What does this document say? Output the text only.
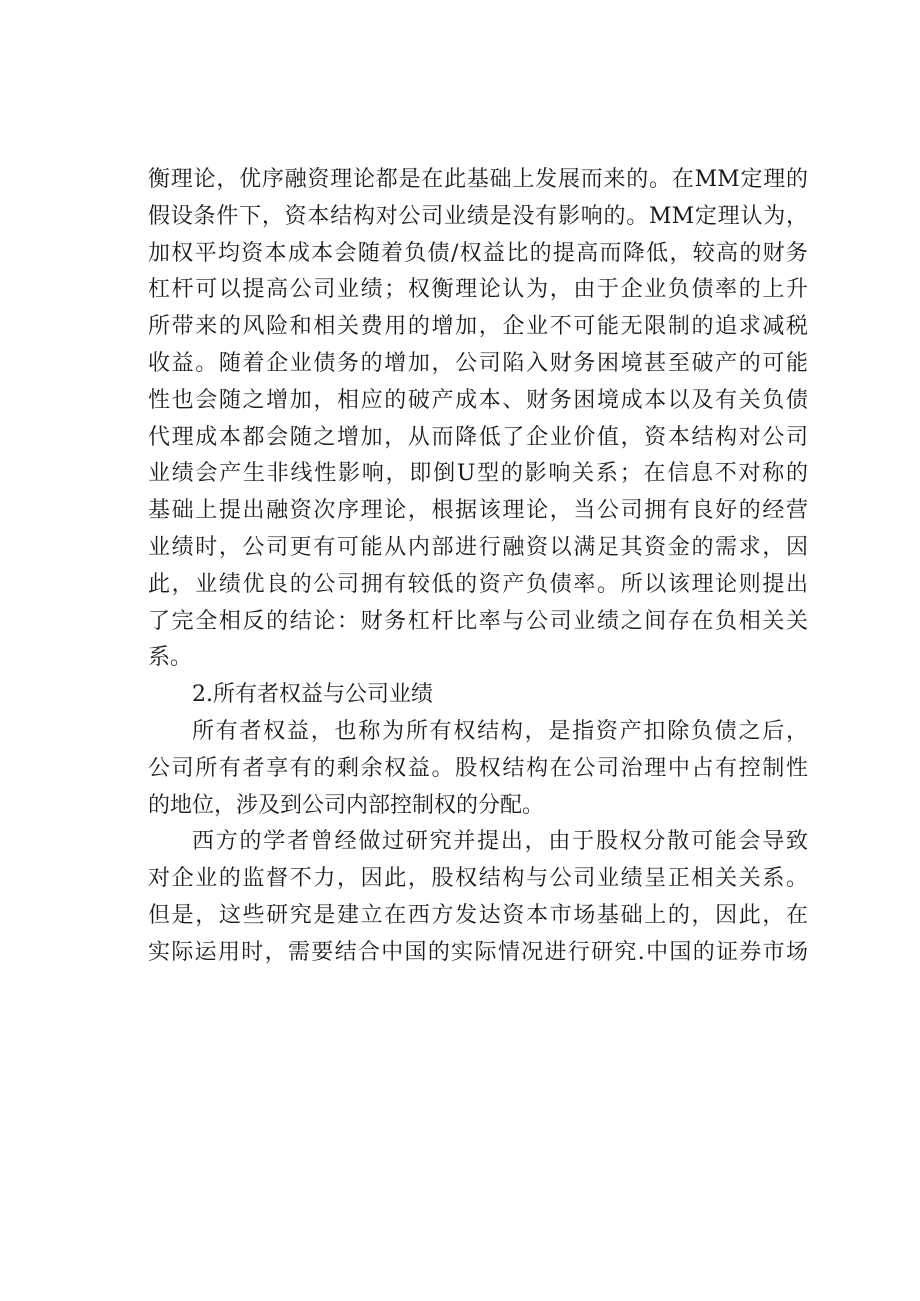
衡理论，优序融资理论都是在此基础上发展而来的。在MM定理的
假设条件下，资本结构对公司业绩是没有影响的。MM定理认为，
加权平均资本成本会随着负债/权益比的提高而降低，较高的财务
杠杆可以提高公司业绩；权衡理论认为，由于企业负债率的上升
所带来的风险和相关费用的增加，企业不可能无限制的追求减税
收益。随着企业债务的增加，公司陷入财务困境甚至破产的可能
性也会随之增加，相应的破产成本、财务困境成本以及有关负债
代理成本都会随之增加，从而降低了企业价值，资本结构对公司
业绩会产生非线性影响，即倒U型的影响关系；在信息不对称的
基础上提出融资次序理论，根据该理论，当公司拥有良好的经营
业绩时，公司更有可能从内部进行融资以满足其资金的需求，因
此，业绩优良的公司拥有较低的资产负债率。所以该理论则提出
了完全相反的结论：财务杠杆比率与公司业绩之间存在负相关关
系。
2.所有者权益与公司业绩
所有者权益，也称为所有权结构，是指资产扣除负债之后，
公司所有者享有的剩余权益。股权结构在公司治理中占有控制性
的地位，涉及到公司内部控制权的分配。
西方的学者曾经做过研究并提出，由于股权分散可能会导致
对企业的监督不力，因此，股权结构与公司业绩呈正相关关系。
但是，这些研究是建立在西方发达资本市场基础上的，因此，在
实际运用时，需要结合中国的实际情况进行研究.中国的证券市场
